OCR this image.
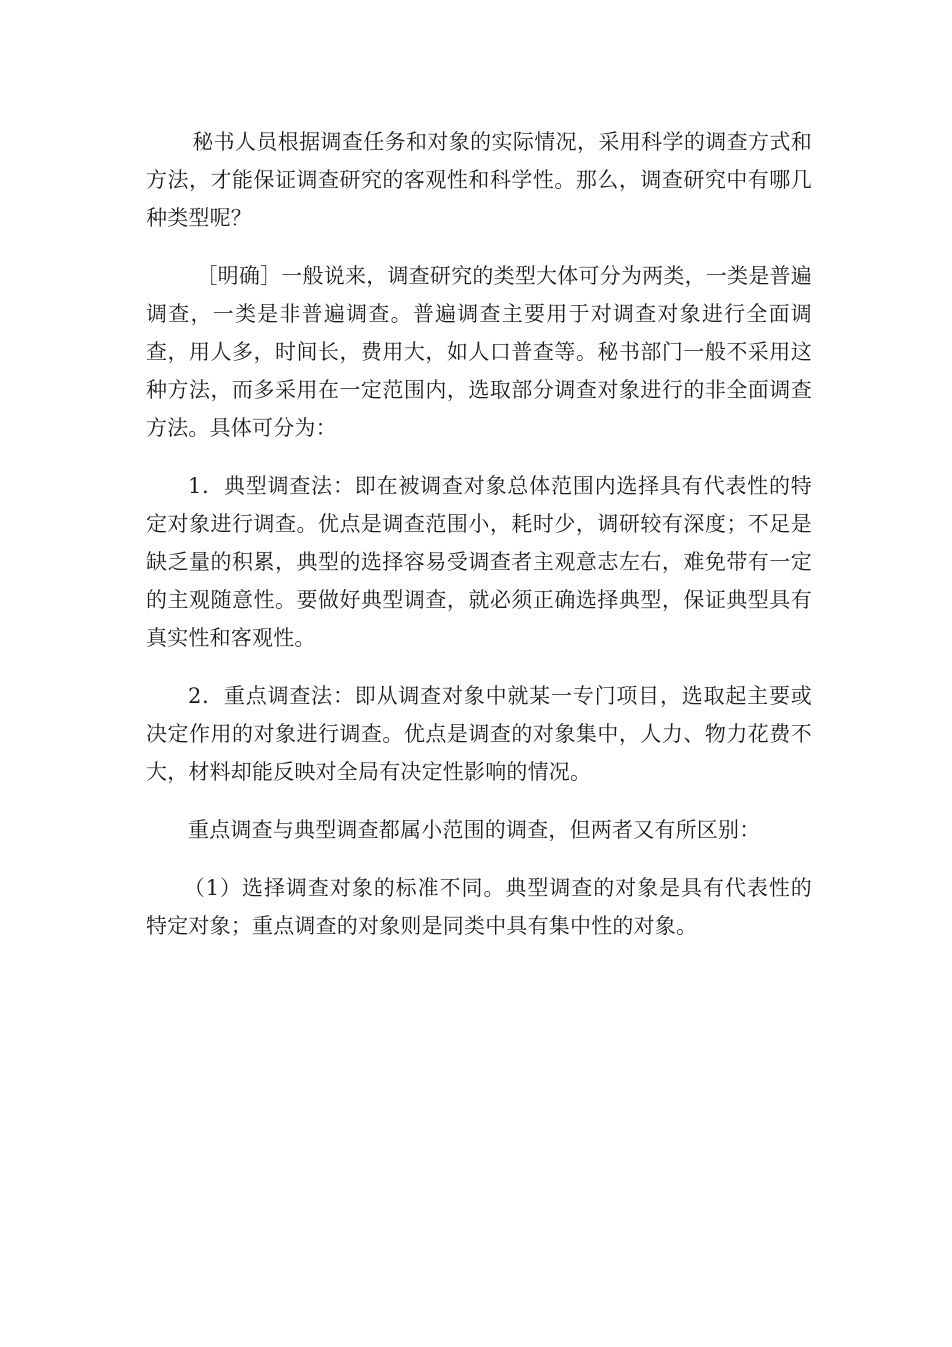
秘书人员根据调查任务和对象的实际情况，采用科学的调查方式和方法，才能保证调查研究的客观性和科学性。那么，调查研究中有哪几种类型呢？

［明确］一般说来，调查研究的类型大体可分为两类，一类是普遍调查，一类是非普遍调查。普遍调查主要用于对调查对象进行全面调查，用人多，时间长，费用大，如人口普查等。秘书部门一般不采用这种方法，而多采用在一定范围内，选取部分调查对象进行的非全面调查方法。具体可分为：

1．典型调查法：即在被调查对象总体范围内选择具有代表性的特定对象进行调查。优点是调查范围小，耗时少，调研较有深度；不足是缺乏量的积累，典型的选择容易受调查者主观意志左右，难免带有一定的主观随意性。要做好典型调查，就必须正确选择典型，保证典型具有真实性和客观性。

2．重点调查法：即从调查对象中就某一专门项目，选取起主要或决定作用的对象进行调查。优点是调查的对象集中，人力、物力花费不大，材料却能反映对全局有决定性影响的情况。

重点调查与典型调查都属小范围的调查，但两者又有所区别：

（1）选择调查对象的标准不同。典型调查的对象是具有代表性的特定对象；重点调查的对象则是同类中具有集中性的对象。
